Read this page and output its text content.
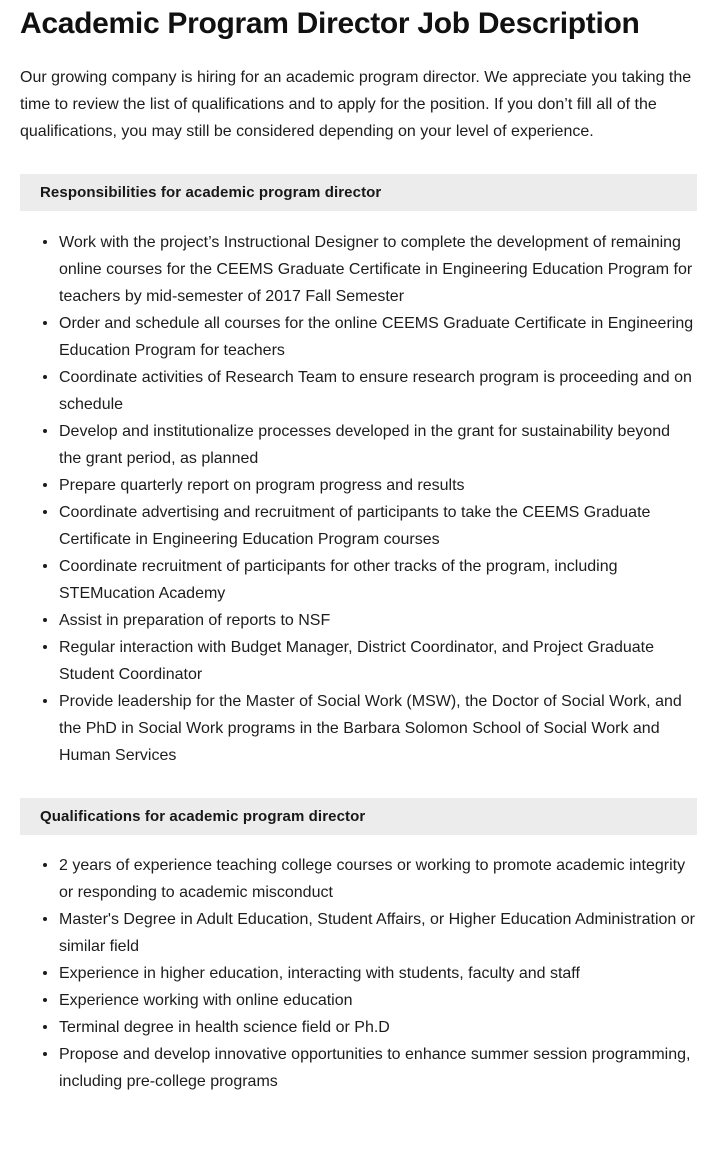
Academic Program Director Job Description

Our growing company is hiring for an academic program director. We appreciate you taking the time to review the list of qualifications and to apply for the position. If you don’t fill all of the qualifications, you may still be considered depending on your level of experience.

Responsibilities for academic program director
Work with the project’s Instructional Designer to complete the development of remaining online courses for the CEEMS Graduate Certificate in Engineering Education Program for teachers by mid-semester of 2017 Fall Semester
Order and schedule all courses for the online CEEMS Graduate Certificate in Engineering Education Program for teachers
Coordinate activities of Research Team to ensure research program is proceeding and on schedule
Develop and institutionalize processes developed in the grant for sustainability beyond the grant period, as planned
Prepare quarterly report on program progress and results
Coordinate advertising and recruitment of participants to take the CEEMS Graduate Certificate in Engineering Education Program courses
Coordinate recruitment of participants for other tracks of the program, including STEMucation Academy
Assist in preparation of reports to NSF
Regular interaction with Budget Manager, District Coordinator, and Project Graduate Student Coordinator
Provide leadership for the Master of Social Work (MSW), the Doctor of Social Work, and the PhD in Social Work programs in the Barbara Solomon School of Social Work and Human Services
Qualifications for academic program director
2 years of experience teaching college courses or working to promote academic integrity or responding to academic misconduct
Master's Degree in Adult Education, Student Affairs, or Higher Education Administration or similar field
Experience in higher education, interacting with students, faculty and staff
Experience working with online education
Terminal degree in health science field or Ph.D
Propose and develop innovative opportunities to enhance summer session programming, including pre-college programs
